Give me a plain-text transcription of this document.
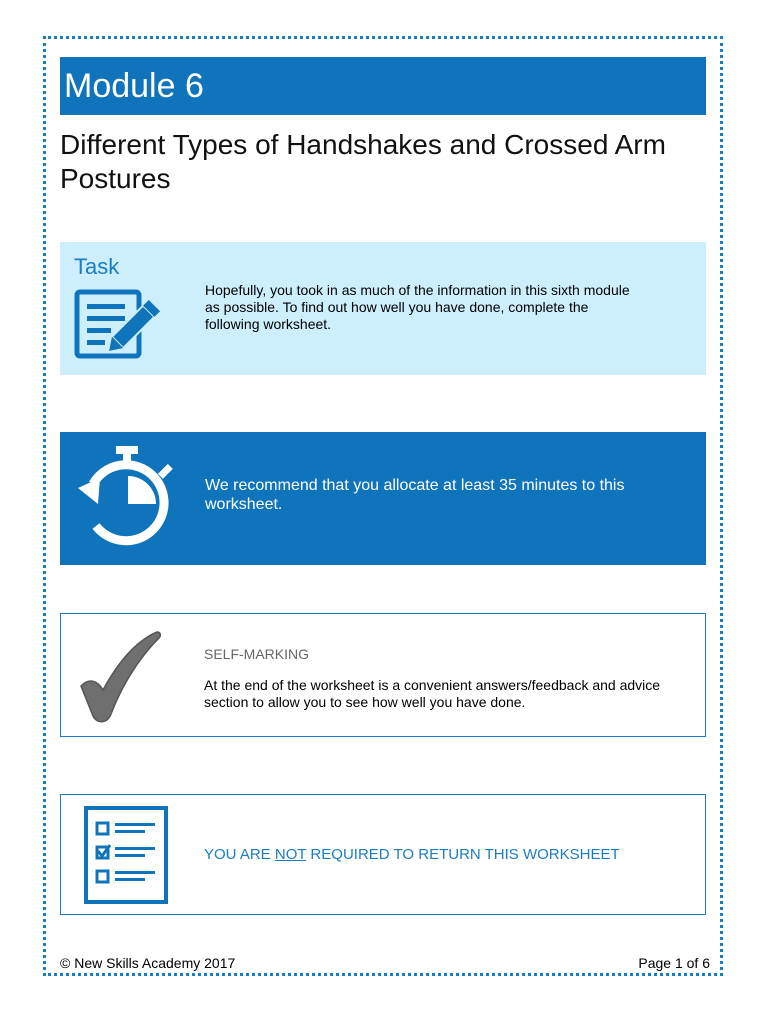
Module 6
Different Types of Handshakes and Crossed Arm Postures
Task
Hopefully, you took in as much of the information in this sixth module as possible. To find out how well you have done, complete the following worksheet.
We recommend that you allocate at least 35 minutes to this worksheet.
SELF-MARKING
At the end of the worksheet is a convenient answers/feedback and advice section to allow you to see how well you have done.
YOU ARE NOT REQUIRED TO RETURN THIS WORKSHEET
© New Skills Academy 2017	Page 1 of 6
